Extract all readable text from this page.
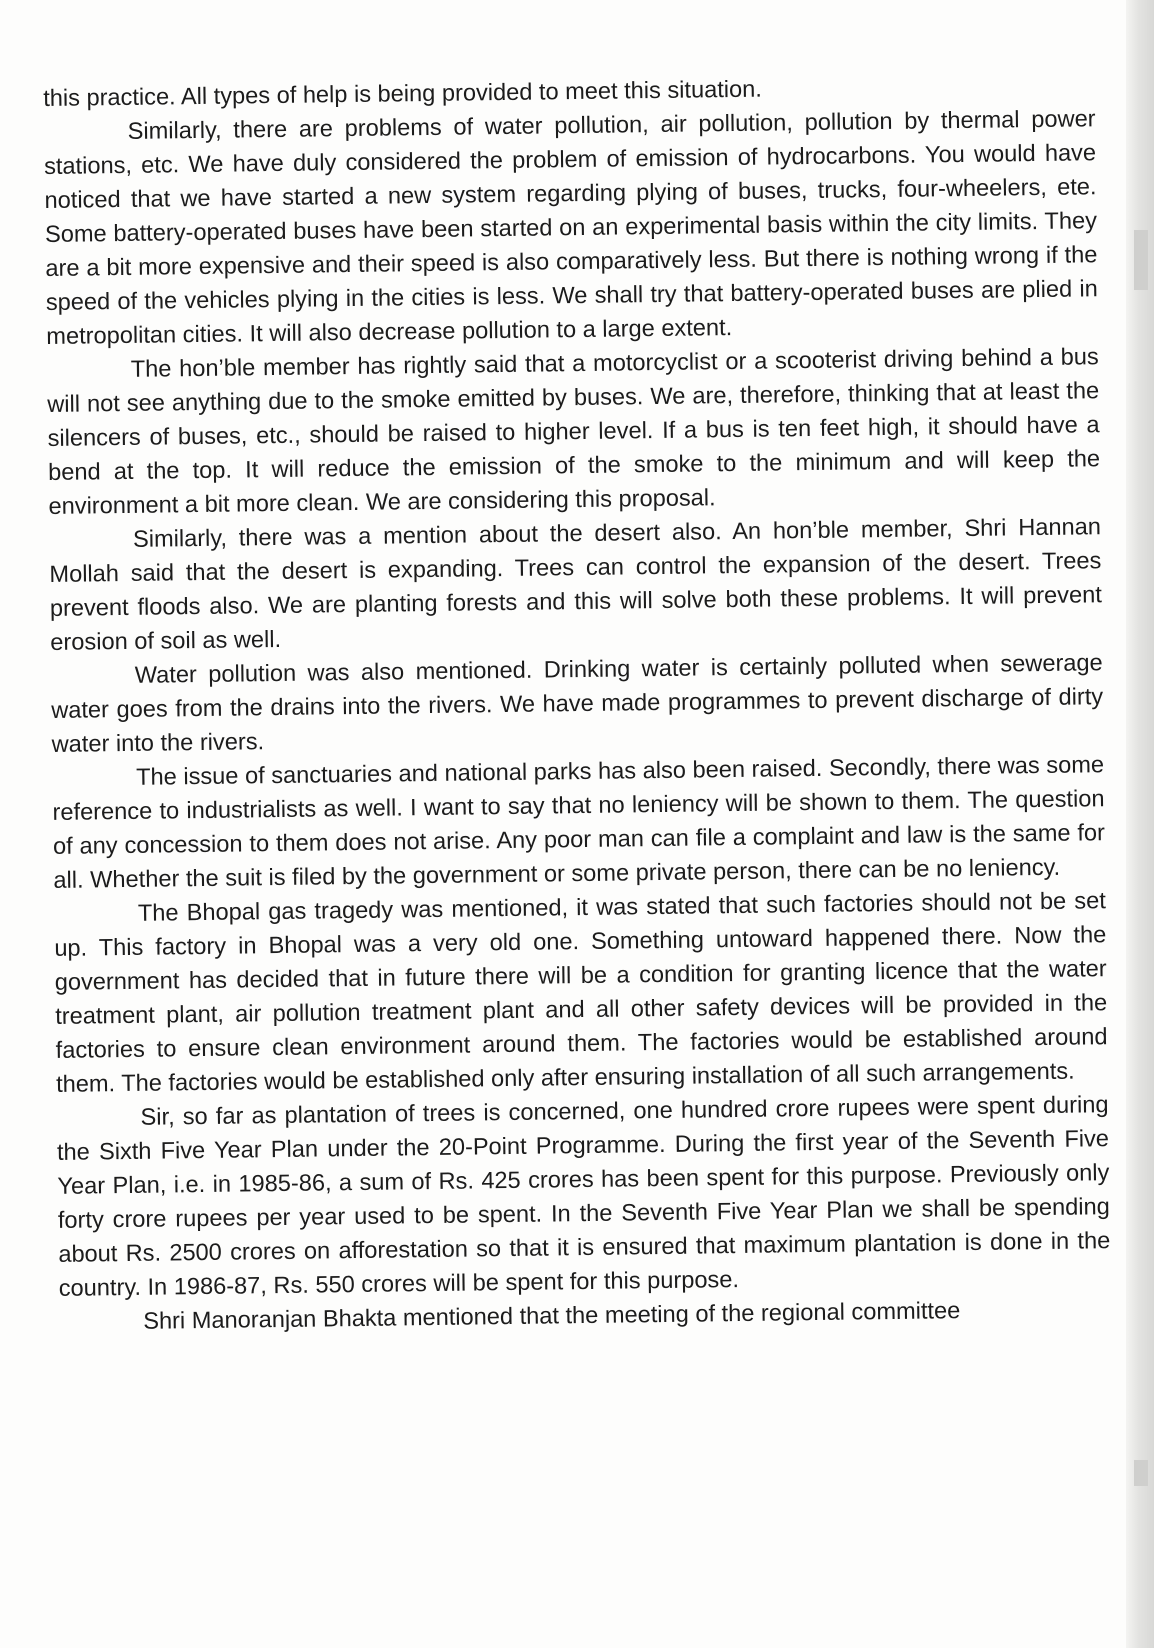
this practice. All types of help is being provided to meet this situation.

Similarly, there are problems of water pollution, air pollution, pollution by thermal power stations, etc. We have duly considered the problem of emission of hydrocarbons. You would have noticed that we have started a new system regarding plying of buses, trucks, four-wheelers, ete. Some battery-operated buses have been started on an experimental basis within the city limits. They are a bit more expensive and their speed is also comparatively less. But there is nothing wrong if the speed of the vehicles plying in the cities is less. We shall try that battery-operated buses are plied in metropolitan cities. It will also decrease pollution to a large extent.

The hon’ble member has rightly said that a motorcyclist or a scooterist driving behind a bus will not see anything due to the smoke emitted by buses. We are, therefore, thinking that at least the silencers of buses, etc., should be raised to higher level. If a bus is ten feet high, it should have a bend at the top. It will reduce the emission of the smoke to the minimum and will keep the environment a bit more clean. We are considering this proposal.

Similarly, there was a mention about the desert also. An hon’ble member, Shri Hannan Mollah said that the desert is expanding. Trees can control the expansion of the desert. Trees prevent floods also. We are planting forests and this will solve both these problems. It will prevent erosion of soil as well.

Water pollution was also mentioned. Drinking water is certainly polluted when sewerage water goes from the drains into the rivers. We have made programmes to prevent discharge of dirty water into the rivers.

The issue of sanctuaries and national parks has also been raised. Secondly, there was some reference to industrialists as well. I want to say that no leniency will be shown to them. The question of any concession to them does not arise. Any poor man can file a complaint and law is the same for all. Whether the suit is filed by the government or some private person, there can be no leniency.

The Bhopal gas tragedy was mentioned, it was stated that such factories should not be set up. This factory in Bhopal was a very old one. Something untoward happened there. Now the government has decided that in future there will be a condition for granting licence that the water treatment plant, air pollution treatment plant and all other safety devices will be provided in the factories to ensure clean environment around them. The factories would be established around them. The factories would be established only after ensuring installation of all such arrangements.

Sir, so far as plantation of trees is concerned, one hundred crore rupees were spent during the Sixth Five Year Plan under the 20-Point Programme. During the first year of the Seventh Five Year Plan, i.e. in 1985-86, a sum of Rs. 425 crores has been spent for this purpose. Previously only forty crore rupees per year used to be spent. In the Seventh Five Year Plan we shall be spending about Rs. 2500 crores on afforestation so that it is ensured that maximum plantation is done in the country. In 1986-87, Rs. 550 crores will be spent for this purpose.

Shri Manoranjan Bhakta mentioned that the meeting of the regional committee
